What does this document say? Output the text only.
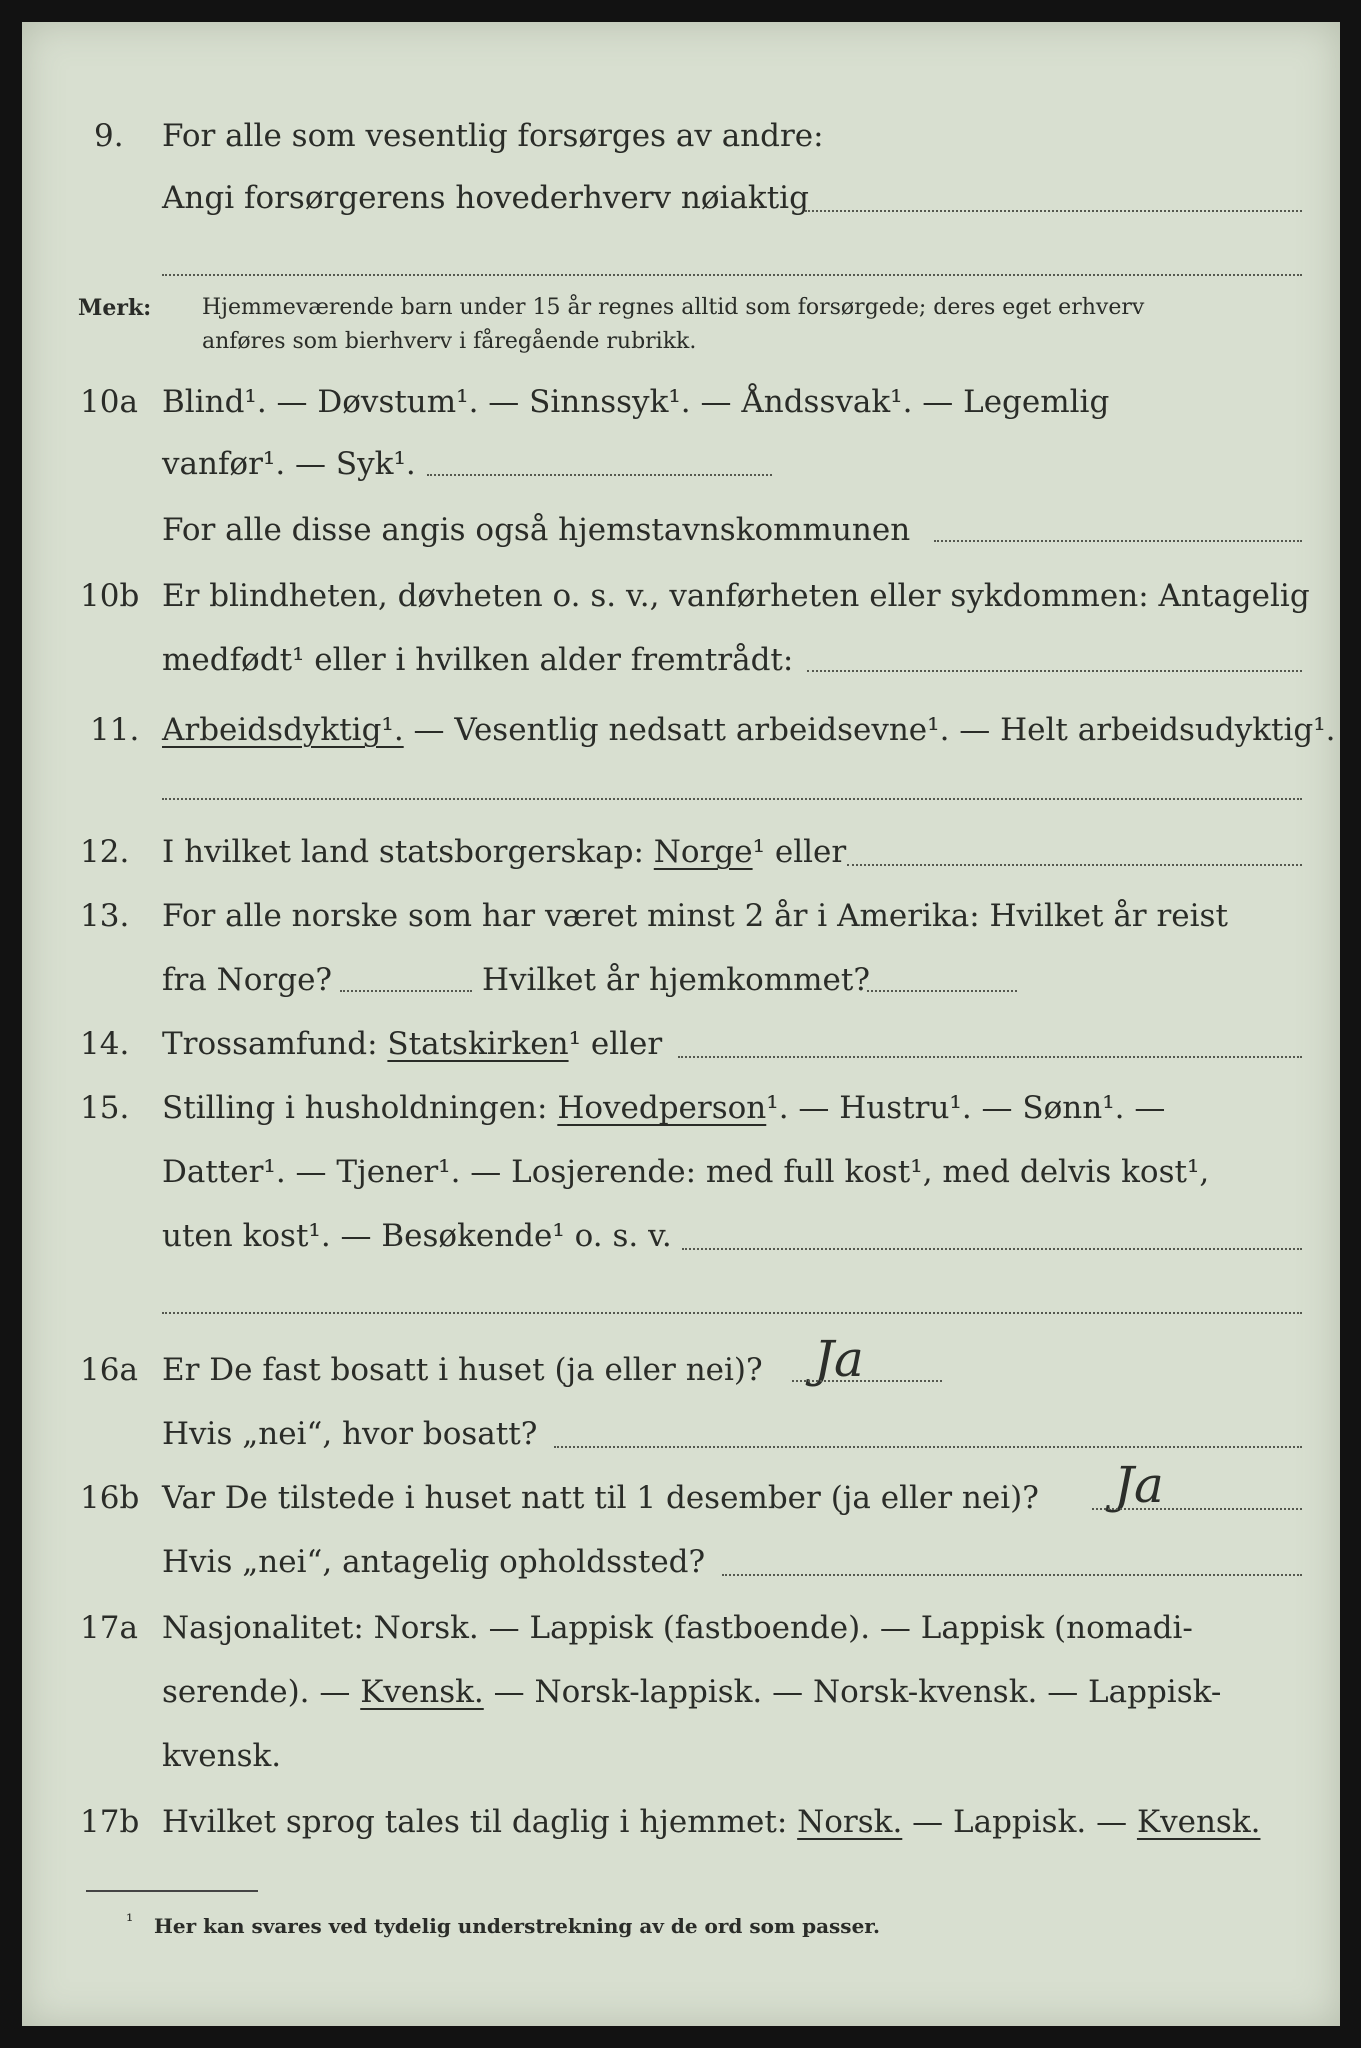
9. For alle som vesentlig forsørges av andre:
Angi forsørgerens hovederhverv nøiaktig
Merk: Hjemmeværende barn under 15 år regnes alltid som forsørgede; deres eget erhverv
anføres som bierhverv i fåregående rubrikk.
10a Blind¹. — Døvstum¹. — Sinnssyk¹. — Åndssvak¹. — Legemlig
vanfør¹. — Syk¹.
For alle disse angis også hjemstavnskommunen
10b Er blindheten, døvheten o. s. v., vanførheten eller sykdommen: Antagelig
medfødt¹ eller i hvilken alder fremtrådt:
11. Arbeidsdyktig¹. — Vesentlig nedsatt arbeidsevne¹. — Helt arbeidsudyktig¹.
12. I hvilket land statsborgerskap: Norge¹ eller
13. For alle norske som har været minst 2 år i Amerika: Hvilket år reist
fra Norge?	Hvilket år hjemkommet?
14. Trossamfund: Statskirken¹ eller
15. Stilling i husholdningen: Hovedperson¹. — Hustru¹. — Sønn¹. —
Datter¹. — Tjener¹. — Losjerende: med full kost¹, med delvis kost¹,
uten kost¹. — Besøkende¹ o. s. v.
16a Er De fast bosatt i huset (ja eller nei)? Ja
Hvis „nei“, hvor bosatt?
16b Var De tilstede i huset natt til 1 desember (ja eller nei)? Ja
Hvis „nei“, antagelig opholdssted?
17a Nasjonalitet: Norsk. — Lappisk (fastboende). — Lappisk (nomadi-
serende). — Kvensk. — Norsk-lappisk. — Norsk-kvensk. — Lappisk-
kvensk.
17b Hvilket sprog tales til daglig i hjemmet: Norsk. — Lappisk. — Kvensk.
¹ Her kan svares ved tydelig understrekning av de ord som passer.
